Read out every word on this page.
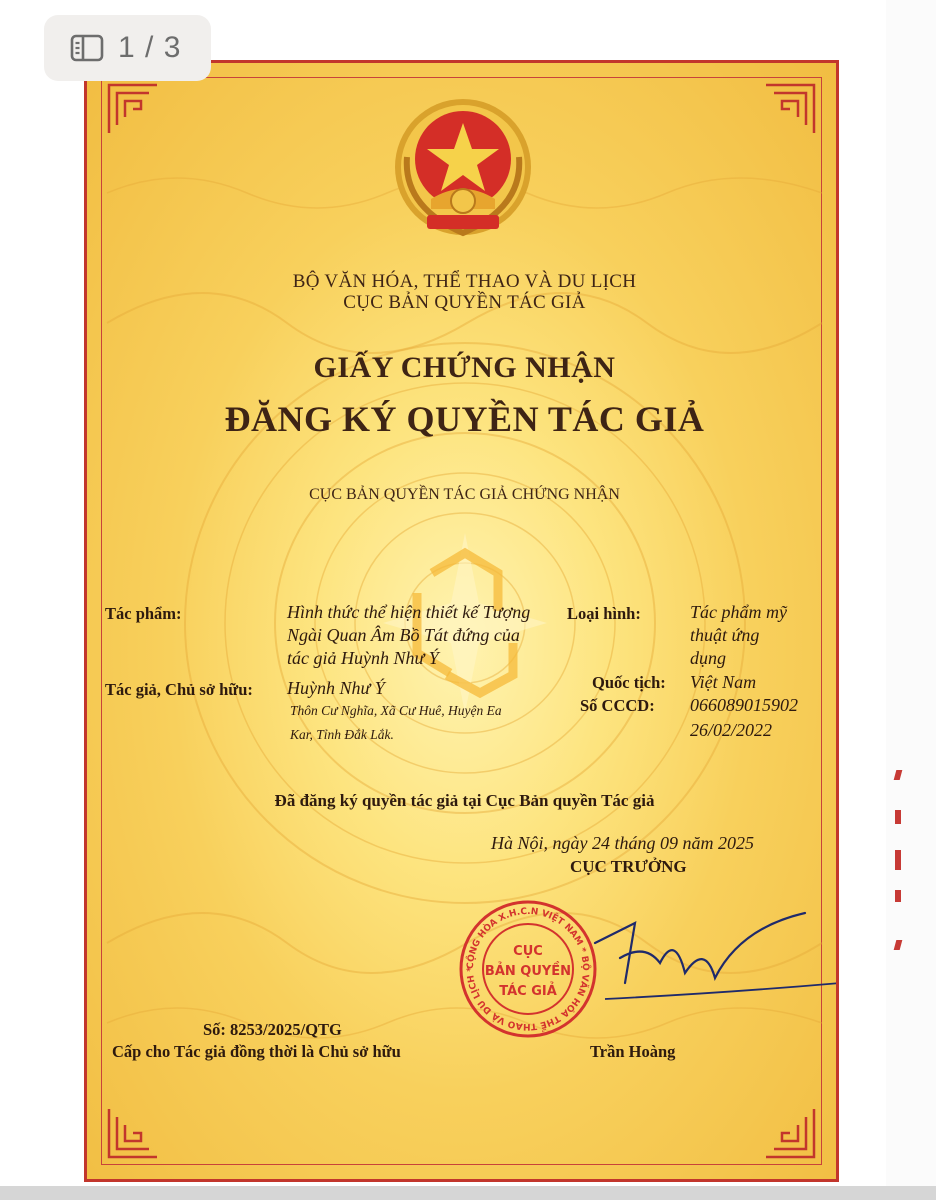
1 / 3
BỘ VĂN HÓA, THỂ THAO VÀ DU LỊCH
CỤC BẢN QUYỀN TÁC GIẢ
GIẤY CHỨNG NHẬN
ĐĂNG KÝ QUYỀN TÁC GIẢ
CỤC BẢN QUYỀN TÁC GIẢ CHỨNG NHẬN
Tác phẩm:	Hình thức thể hiện thiết kế Tượng
Ngài Quan Âm Bồ Tát đứng của
tác giả Huỳnh Như Ý
Loại hình:	Tác phẩm mỹ
thuật ứng
dụng
Tác giả, Chủ sở hữu: Huỳnh Như Ý
Thôn Cư Nghĩa, Xã Cư Huê, Huyện Ea
Kar, Tỉnh Đắk Lắk.
Quốc tịch: Việt Nam
Số CCCD: 066089015902
26/02/2022
Đã đăng ký quyền tác giả tại Cục Bản quyền Tác giả
Hà Nội, ngày 24 tháng 09 năm 2025
CỤC TRƯỞNG
CỘNG HÒA X.H.C.N VIỆT NAM * BỘ VĂN HÓA THỂ THAO VÀ DU LỊCH *
CỤC
BẢN QUYỀN
TÁC GIẢ
Số: 8253/2025/QTG
Cấp cho Tác giả đồng thời là Chủ sở hữu	Trần Hoàng
